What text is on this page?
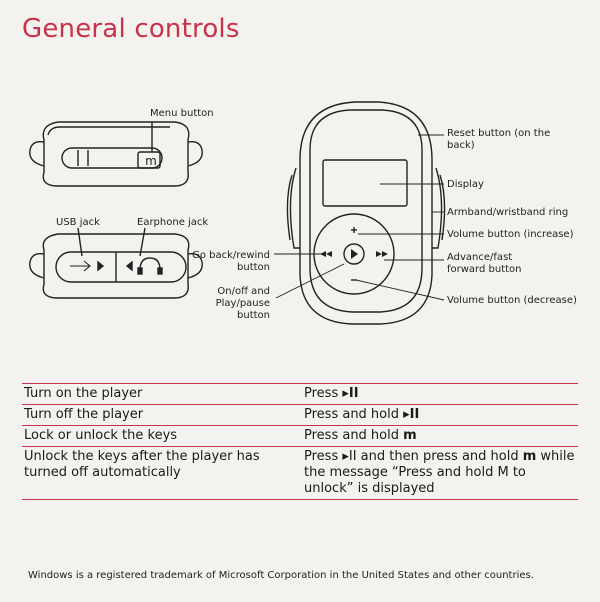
General controls
m
Menu button
USB jack	Earphone jack
Go back/rewind button
On/off and Play/pause button
Reset button (on the back)
Display
Armband/wristband ring
Volume button (increase)
Advance/fast forward button
Volume button (decrease)
Turn on the player	Press ▸II
Turn off the player	Press and hold ▸II
Lock or unlock the keys	Press and hold m
Unlock the keys after the player has turned off automatically	Press ▸II and then press and hold m while the message “Press and hold M to unlock” is displayed
Windows is a registered trademark of Microsoft Corporation in the United States and other countries.
